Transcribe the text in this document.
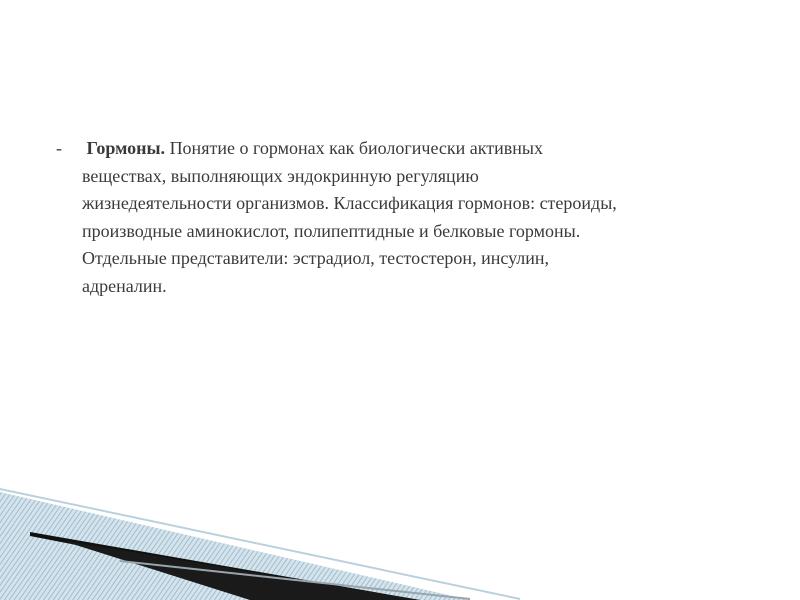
- Гормоны. Понятие о гормонах как биологически активных
веществах, выполняющих эндокринную регуляцию
жизнедеятельности организмов. Классификация гормонов: стероиды,
производные аминокислот, полипептидные и белковые гормоны.
Отдельные представители: эстрадиол, тестостерон, инсулин,
адреналин.
